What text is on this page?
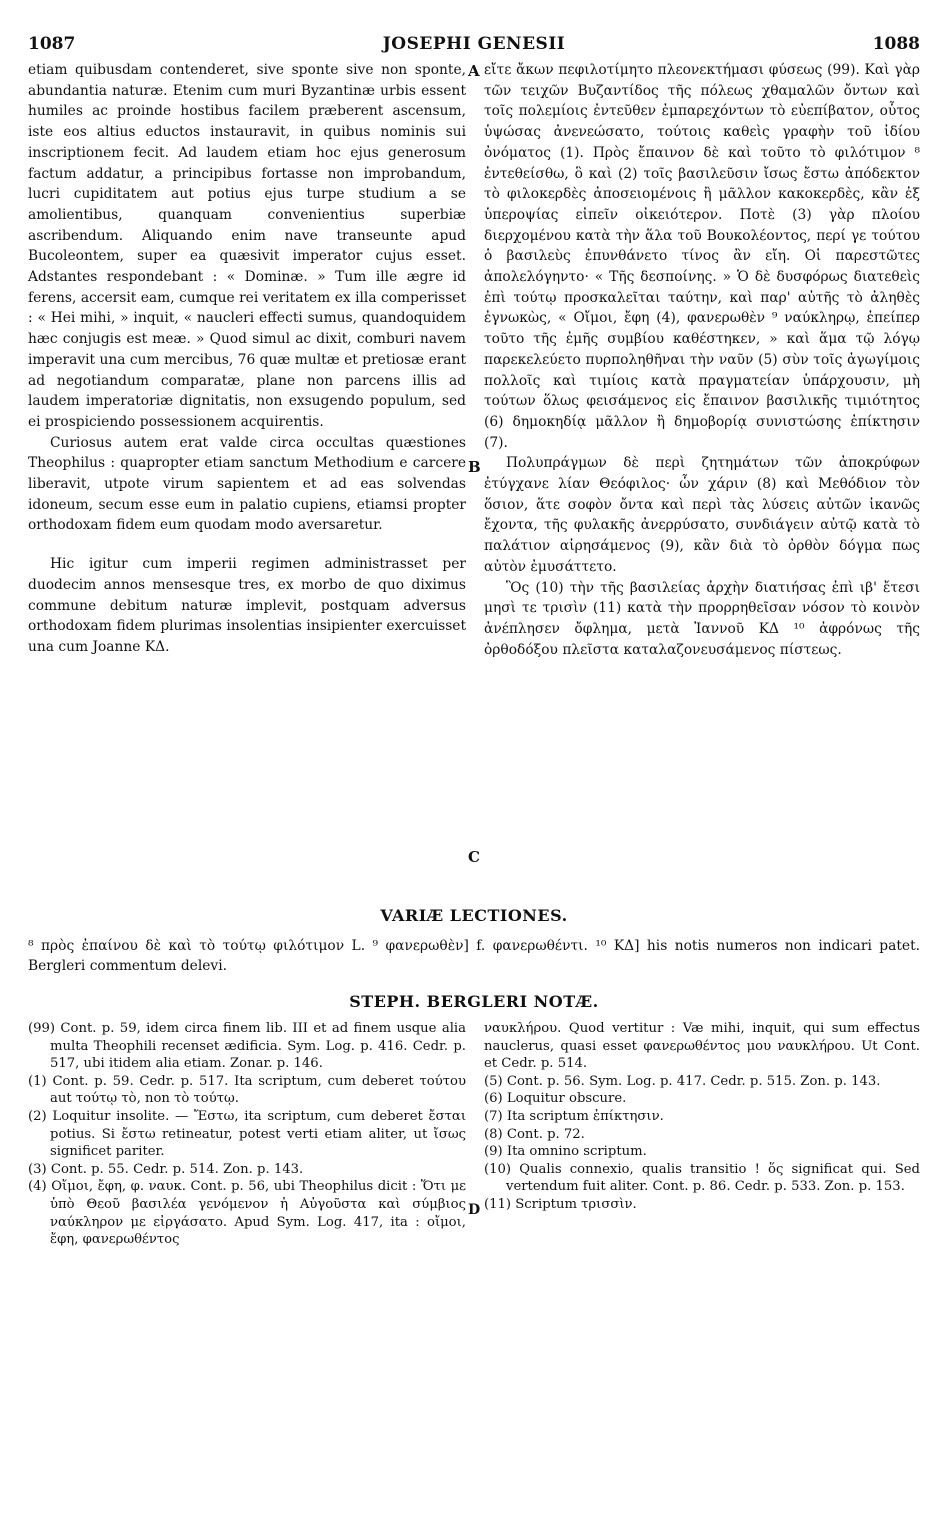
1087	JOSEPHI GENESII	1088

etiam quibusdam contenderet, sive sponte sive non sponte, abundantia naturæ. Etenim cum muri Byzantinæ urbis essent humiles ac proinde hostibus facilem præberent ascensum, iste eos altius eductos instauravit, in quibus nominis sui inscriptionem fecit. Ad laudem etiam hoc ejus generosum factum addatur, a principibus fortasse non improbandum, lucri cupiditatem aut potius ejus turpe studium a se amolientibus, quanquam convenientius superbiæ ascribendum. Aliquando enim nave transeunte apud Bucoleontem, super ea quæsivit imperator cujus esset. Adstantes respondebant : « Dominæ. » Tum ille ægre id ferens, accersit eam, cumque rei veritatem ex illa comperisset : « Hei mihi, » inquit, « naucleri effecti sumus, quandoquidem hæc conjugis est meæ. » Quod simul ac dixit, comburi navem imperavit una cum mercibus, 76 quæ multæ et pretiosæ erant ad negotiandum comparatæ, plane non parcens illis ad laudem imperatoriæ dignitatis, non exsugendo populum, sed ei prospiciendo possessionem acquirentis.

Curiosus autem erat valde circa occultas quæstiones Theophilus : quapropter etiam sanctum Methodium e carcere liberavit, utpote virum sapientem et ad eas solvendas idoneum, secum esse eum in palatio cupiens, etiamsi propter orthodoxam fidem eum quodam modo aversaretur.

Hic igitur cum imperii regimen administrasset per duodecim annos mensesque tres, ex morbo de quo diximus commune debitum naturæ implevit, postquam adversus orthodoxam fidem plurimas insolentias insipienter exercuisset una cum Joanne ΚΔ.

A
B
C

εἴτε ἄκων πεφιλοτίμητο πλεονεκτήμασι φύσεως (99). Καὶ γὰρ τῶν τειχῶν Βυζαντίδος τῆς πόλεως χθαμαλῶν ὄντων καὶ τοῖς πολεμίοις ἐντεῦθεν ἐμπαρεχόντων τὸ εὐεπίβατον, οὗτος ὑψώσας ἀνενεώσατο, τούτοις καθεὶς γραφὴν τοῦ ἰδίου ὀνόματος (1). Πρὸς ἔπαινον δὲ καὶ τοῦτο τὸ φιλότιμον ⁸ ἐντεθείσθω, ὃ καὶ (2) τοῖς βασιλεῦσιν ἴσως ἔστω ἀπόδεκτον τὸ φιλοκερδὲς ἀποσειομένοις ἢ μᾶλλον κακοκερδὲς, κἂν ἐξ ὑπεροψίας εἰπεῖν οἰκειότερον. Ποτὲ (3) γὰρ πλοίου διερχομένου κατὰ τὴν ἅλα τοῦ Βουκολέοντος, περί γε τούτου ὁ βασιλεὺς ἐπυνθάνετο τίνος ἂν εἴη. Οἱ παρεστῶτες ἀπολελόγηντο· « Τῆς δεσποίνης. » Ὁ δὲ δυσφόρως διατεθεὶς ἐπὶ τούτῳ προσκαλεῖται ταύτην, καὶ παρ' αὐτῆς τὸ ἀληθὲς ἐγνωκὼς, « Οἴμοι, ἔφη (4), φανερωθὲν ⁹ ναύκληρῳ, ἐπείπερ τοῦτο τῆς ἐμῆς συμβίου καθέστηκεν, » καὶ ἅμα τῷ λόγῳ παρεκελεύετο πυρποληθῆναι τὴν ναῦν (5) σὺν τοῖς ἀγωγίμοις πολλοῖς καὶ τιμίοις κατὰ πραγματείαν ὑπάρχουσιν, μὴ τούτων ὅλως φεισάμενος εἰς ἔπαινον βασιλικῆς τιμιότητος (6) δημοκηδίᾳ μᾶλλον ἢ δημοβορίᾳ συνιστώσης ἐπίκτησιν (7).

Πολυπράγμων δὲ περὶ ζητημάτων τῶν ἀποκρύφων ἐτύγχανε λίαν Θεόφιλος· ὧν χάριν (8) καὶ Μεθόδιον τὸν ὅσιον, ἅτε σοφὸν ὄντα καὶ περὶ τὰς λύσεις αὐτῶν ἱκανῶς ἔχοντα, τῆς φυλακῆς ἀνερρύσατο, συνδιάγειν αὐτῷ κατὰ τὸ παλάτιον αἱρησάμενος (9), κἂν διὰ τὸ ὀρθὸν δόγμα πως αὐτὸν ἐμυσάττετο.

Ὃς (10) τὴν τῆς βασιλείας ἀρχὴν διατιήσας ἐπὶ ιβ' ἔτεσι μησὶ τε τρισὶν (11) κατὰ τὴν προρρηθεῖσαν νόσον τὸ κοινὸν ἀνέπλησεν ὄφλημα, μετὰ Ἰαννοῦ ΚΔ ¹⁰ ἀφρόνως τῆς ὀρθοδόξου πλεῖστα καταλαζονευσάμενος πίστεως.

VARIÆ LECTIONES.
⁸ πρὸς ἐπαίνου δὲ καὶ τὸ τούτῳ φιλότιμον L. ⁹ φανερωθὲν] f. φανερωθέντι. ¹⁰ ΚΔ] his notis numeros non indicari patet. Bergleri commentum delevi.
STEPH. BERGLERI NOTÆ.

(99) Cont. p. 59, idem circa finem lib. III et ad finem usque alia multa Theophili recenset ædificia. Sym. Log. p. 416. Cedr. p. 517, ubi itidem alia etiam. Zonar. p. 146.

(1) Cont. p. 59. Cedr. p. 517. Ita scriptum, cum deberet τούτου aut τούτῳ τὸ, non τὸ τούτῳ.

(2) Loquitur insolite. — Ἔστω, ita scriptum, cum deberet ἔσται potius. Si ἔστω retineatur, potest verti etiam aliter, ut ἴσως significet pariter.

(3) Cont. p. 55. Cedr. p. 514. Zon. p. 143.

(4) Οἴμοι, ἔφη, φ. ναυκ. Cont. p. 56, ubi Theophilus dicit : Ὅτι με ὑπὸ Θεοῦ βασιλέα γενόμενον ἡ Αὐγοῦστα καὶ σύμβιος ναύκληρον με εἰργάσατο. Apud Sym. Log. 417, ita : οἴμοι, ἔφη, φανερωθέντος

D

ναυκλήρου. Quod vertitur : Væ mihi, inquit, qui sum effectus nauclerus, quasi esset φανερωθέντος μου ναυκλήρου. Ut Cont. et Cedr. p. 514.

(5) Cont. p. 56. Sym. Log. p. 417. Cedr. p. 515. Zon. p. 143.

(6) Loquitur obscure.

(7) Ita scriptum ἐπίκτησιν.

(8) Cont. p. 72.

(9) Ita omnino scriptum.

(10) Qualis connexio, qualis transitio ! ὅς significat qui. Sed vertendum fuit aliter. Cont. p. 86. Cedr. p. 533. Zon. p. 153.

(11) Scriptum τρισσὶν.
